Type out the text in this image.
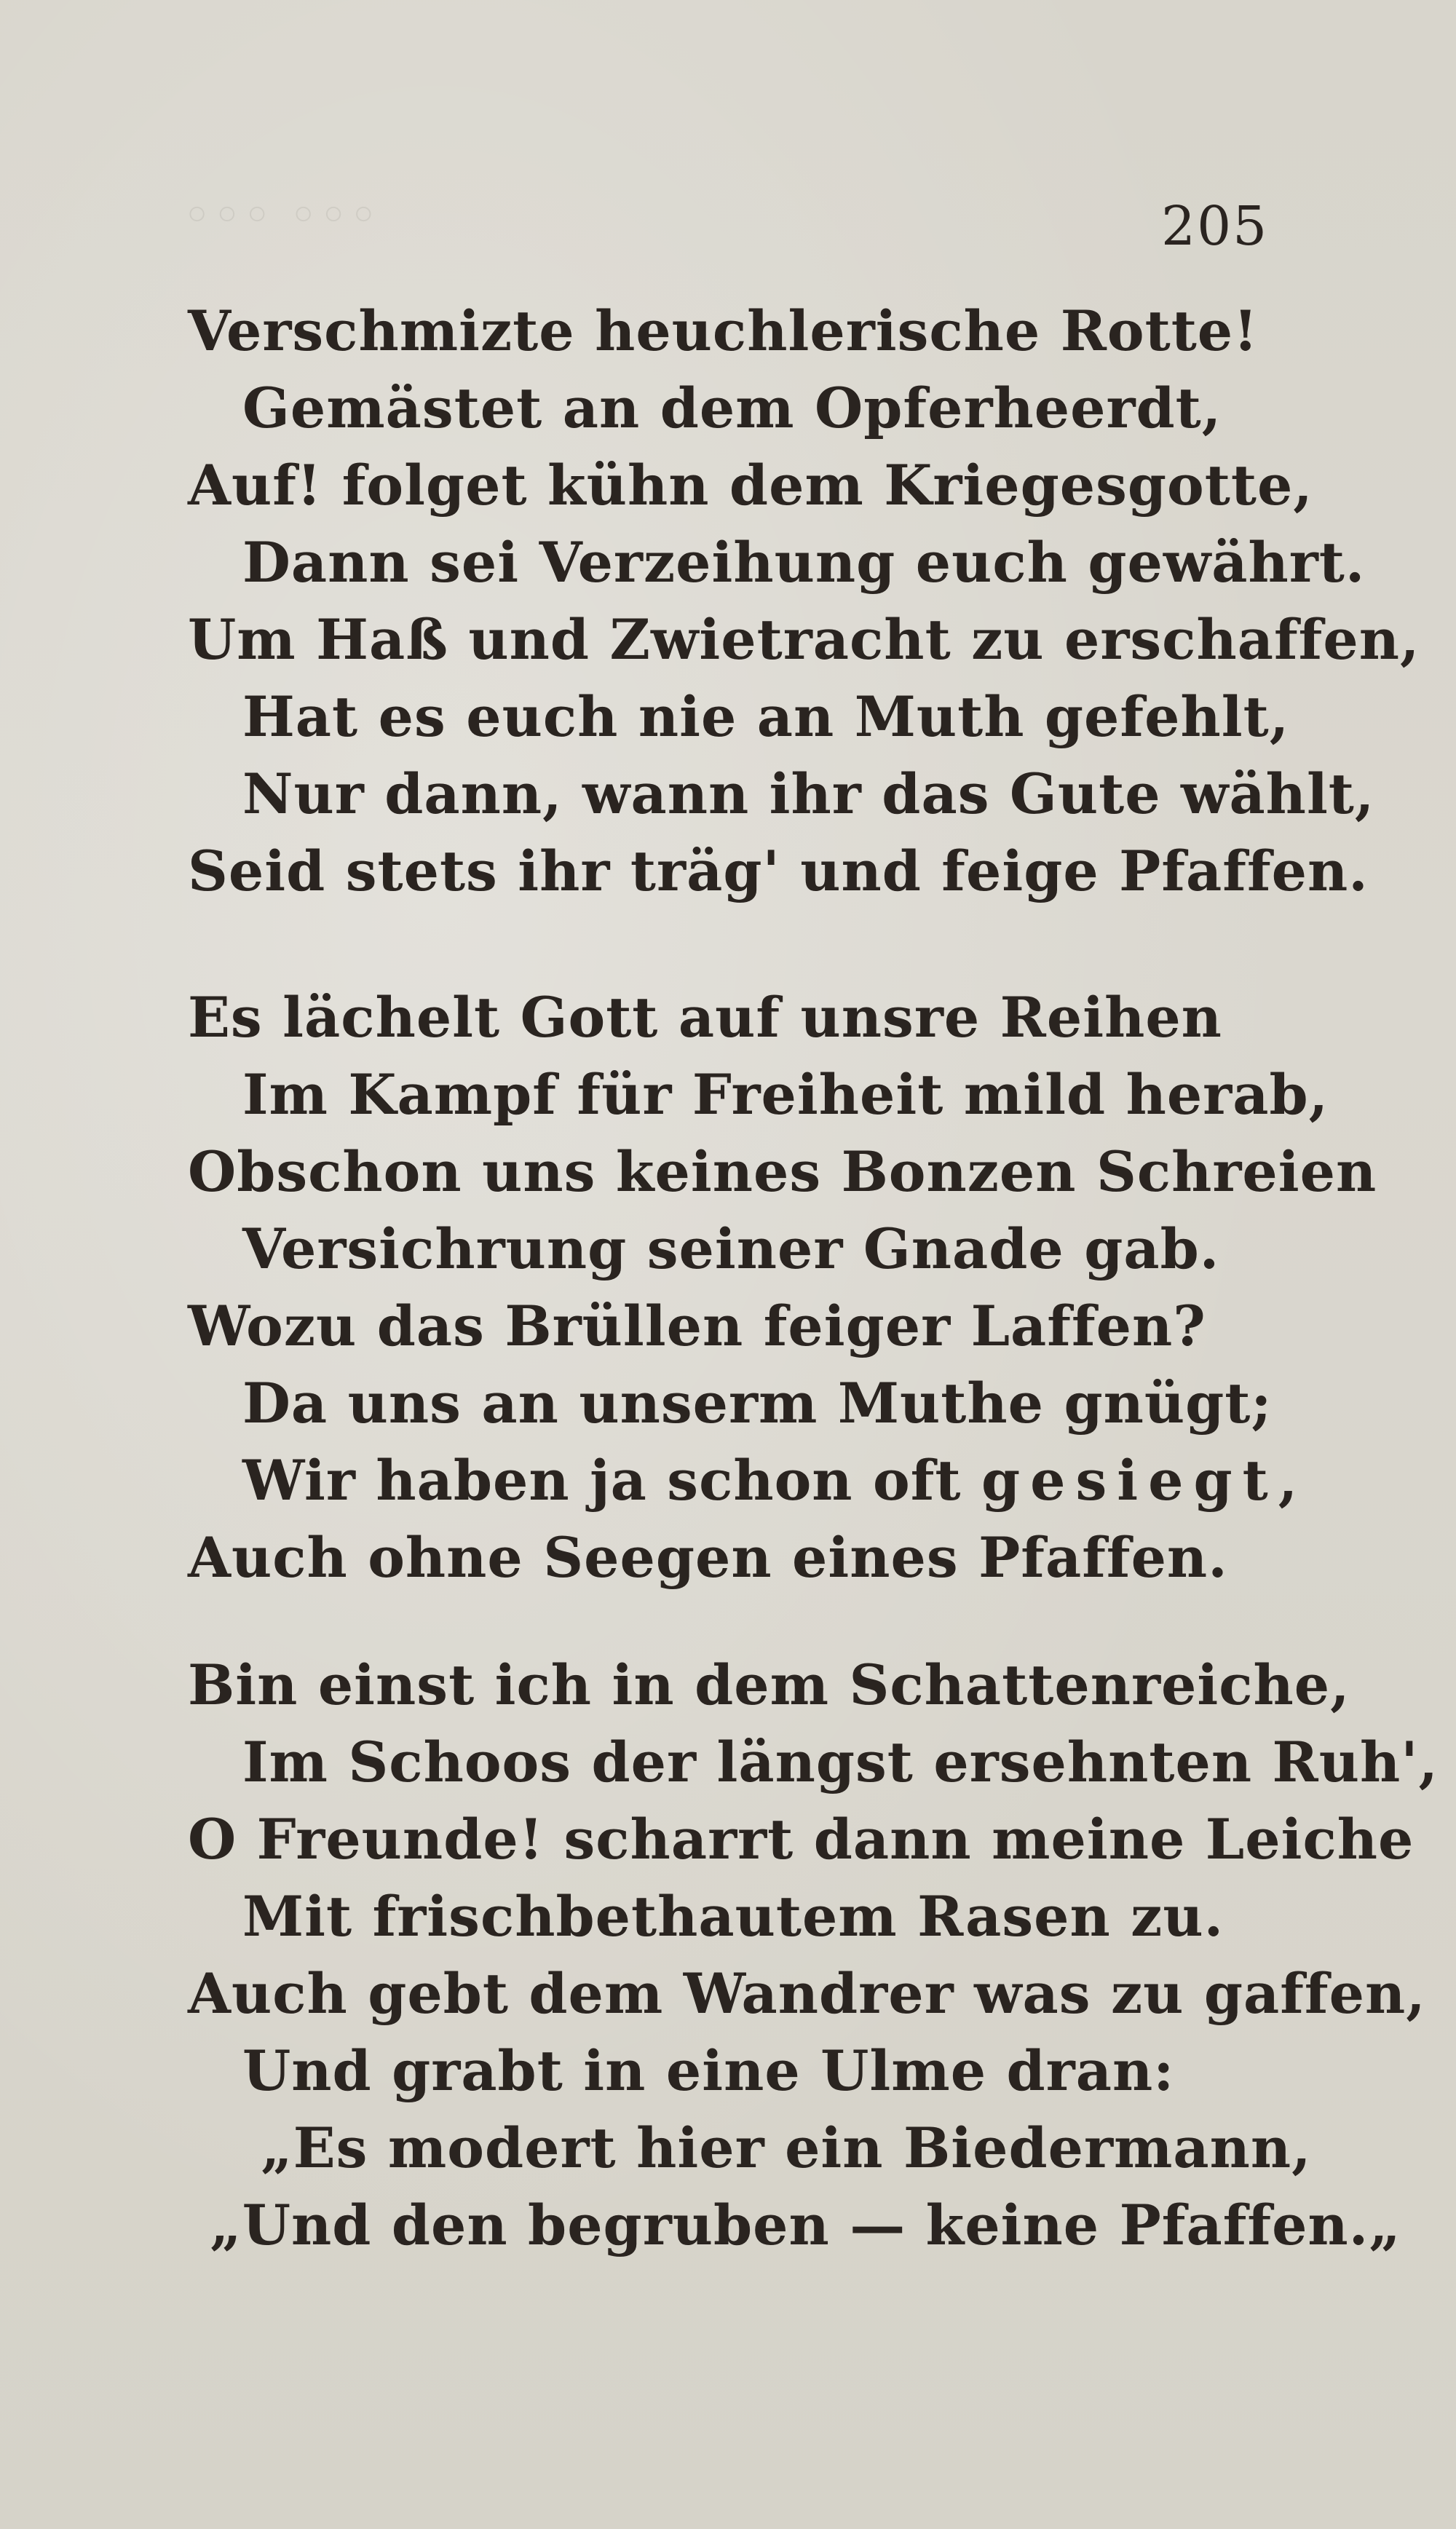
◦◦◦ ◦◦◦	205
Verschmizte heuchlerische Rotte!
Gemästet an dem Opferheerdt,
Auf! folget kühn dem Kriegesgotte,
Dann sei Verzeihung euch gewährt.
Um Haß und Zwietracht zu erschaffen,
Hat es euch nie an Muth gefehlt,
Nur dann, wann ihr das Gute wählt,
Seid stets ihr träg' und feige Pfaffen.
Es lächelt Gott auf unsre Reihen
Im Kampf für Freiheit mild herab,
Obschon uns keines Bonzen Schreien
Versichrung seiner Gnade gab.
Wozu das Brüllen feiger Laffen?
Da uns an unserm Muthe gnügt;
Wir haben ja schon oft gesiegt,
Auch ohne Seegen eines Pfaffen.
Bin einst ich in dem Schattenreiche,
Im Schoos der längst ersehnten Ruh',
O Freunde! scharrt dann meine Leiche
Mit frischbethautem Rasen zu.
Auch gebt dem Wandrer was zu gaffen,
Und grabt in eine Ulme dran:
„Es modert hier ein Biedermann,
„Und den begruben — keine Pfaffen.„
